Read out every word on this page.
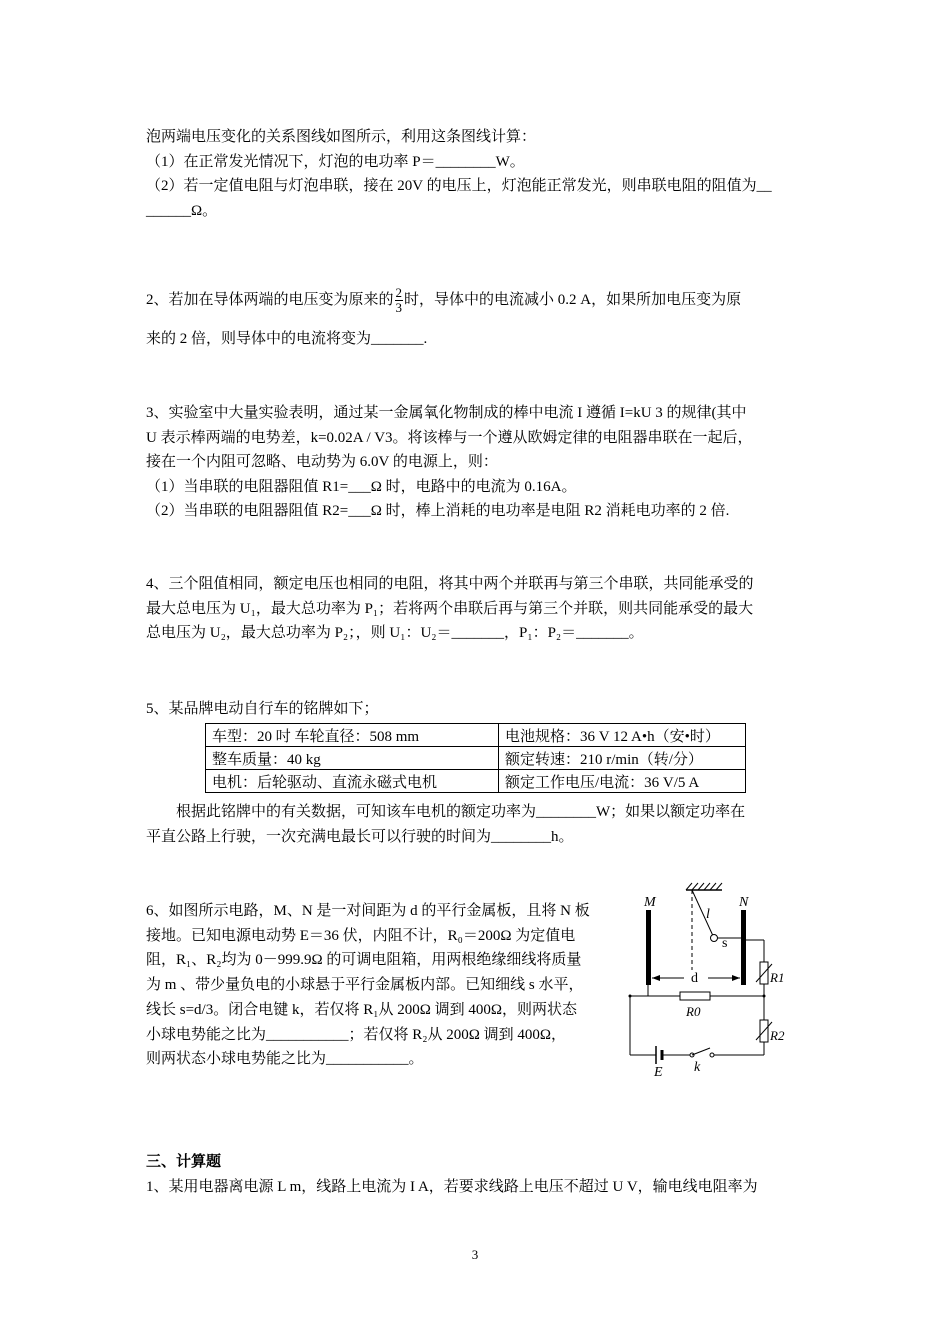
泡两端电压变化的关系图线如图所示，利用这条图线计算：

（1）在正常发光情况下，灯泡的电功率 P＝________W。

（2）若一定值电阻与灯泡串联，接在 20V 的电压上，灯泡能正常发光，则串联电阻的阻值为__

______Ω。

2、若加在导体两端的电压变为原来的 $\frac{2}{3}$ 时，导体中的电流减小 0.2 A，如果所加电压变为原

来的 2 倍，则导体中的电流将变为_______.

3、实验室中大量实验表明，通过某一金属氧化物制成的棒中电流 I 遵循 I=kU 3 的规律(其中

U 表示棒两端的电势差，k=0.02A / V3。将该棒与一个遵从欧姆定律的电阻器串联在一起后，

接在一个内阻可忽略、电动势为 6.0V 的电源上，则：

（1）当串联的电阻器阻值 R1=___Ω 时，电路中的电流为 0.16A。

（2）当串联的电阻器阻值 R2=___Ω 时，棒上消耗的电功率是电阻 R2 消耗电功率的 2 倍.

4、三个阻值相同，额定电压也相同的电阻，将其中两个并联再与第三个串联，共同能承受的

最大总电压为 U₁，最大总功率为 P₁；若将两个串联后再与第三个并联，则共同能承受的最大

总电压为 U₂，最大总功率为 P₂；，则 U₁：U₂＝_______，P₁：P₂＝_______。

5、某品牌电动自行车的铭牌如下；

车型：20 吋 车轮直径：508 mm	电池规格：36 V 12 A•h（安•时）
整车质量：40 kg	额定转速：210 r/min（转/分）
电机：后轮驱动、直流永磁式电机	额定工作电压/电流：36 V/5 A

根据此铭牌中的有关数据，可知该车电机的额定功率为________W；如果以额定功率在

平直公路上行驶，一次充满电最长可以行驶的时间为________h。

6、如图所示电路，M、N 是一对间距为 d 的平行金属板，且将 N 板

接地。已知电源电动势 E＝36 伏，内阻不计，R₀＝200Ω 为定值电

阻，R₁、R₂均为 0－999.9Ω 的可调电阻箱，用两根绝缘细线将质量

为 m 、带少量负电的小球悬于平行金属板内部。已知细线 s 水平，

线长 s=d/3。闭合电键 k，若仅将 R₁从 200Ω 调到 400Ω，则两状态

小球电势能之比为___________；若仅将 R₂从 200Ω 调到 400Ω，

则两状态小球电势能之比为___________。

M	N
l
s
d	R1
R0
R2
E k

三、计算题

1、某用电器离电源 L m，线路上电流为 I A，若要求线路上电压不超过 U V，输电线电阻率为

3
